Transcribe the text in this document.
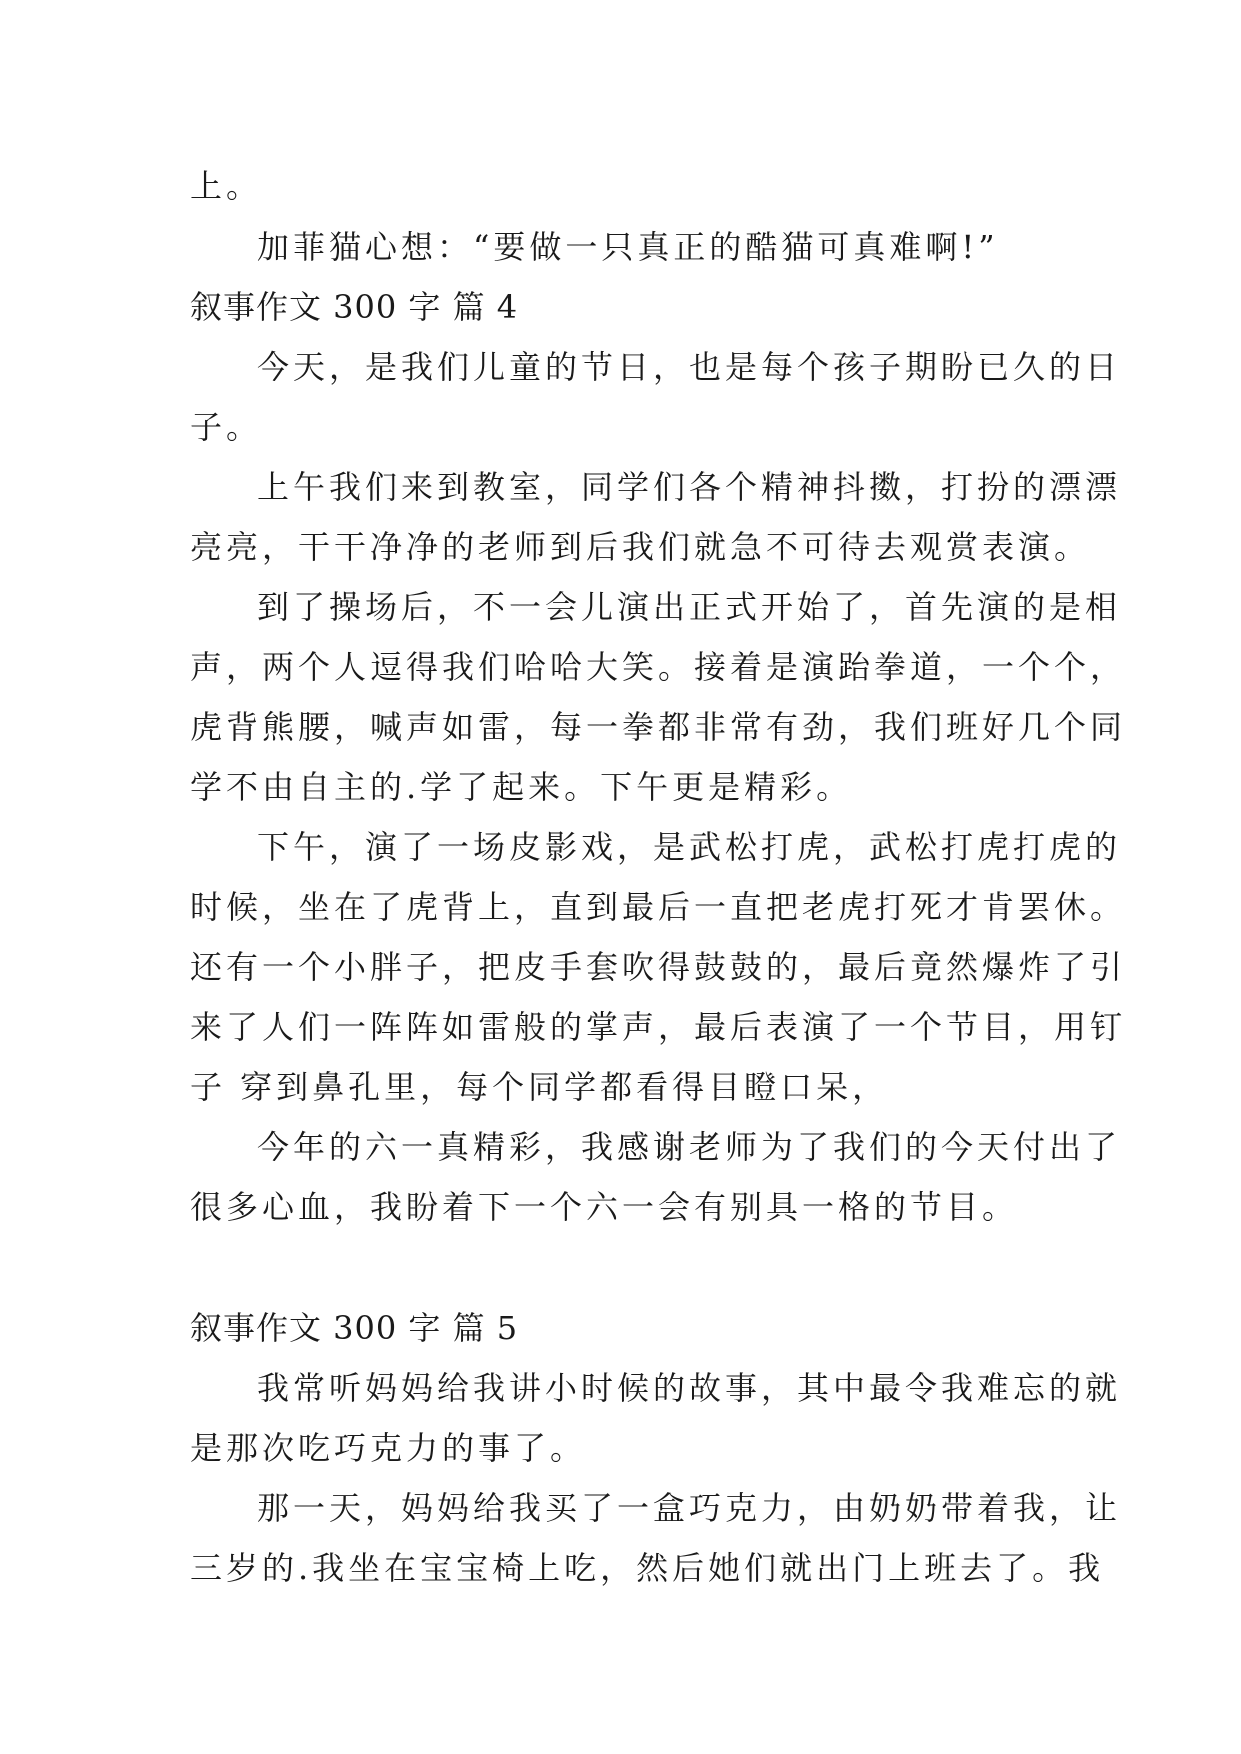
上。
加菲猫心想：“要做一只真正的酷猫可真难啊!”
叙事作文 300 字 篇 4
今天，是我们儿童的节日，也是每个孩子期盼已久的日
子。
上午我们来到教室，同学们各个精神抖擞，打扮的漂漂
亮亮，干干净净的老师到后我们就急不可待去观赏表演。
到了操场后，不一会儿演出正式开始了，首先演的是相
声，两个人逗得我们哈哈大笑。接着是演跆拳道，一个个，
虎背熊腰，喊声如雷，每一拳都非常有劲，我们班好几个同
学不由自主的.学了起来。下午更是精彩。
下午，演了一场皮影戏，是武松打虎，武松打虎打虎的
时候，坐在了虎背上，直到最后一直把老虎打死才肯罢休。
还有一个小胖子，把皮手套吹得鼓鼓的，最后竟然爆炸了引
来了人们一阵阵如雷般的掌声，最后表演了一个节目，用钉
子 穿到鼻孔里，每个同学都看得目瞪口呆，
今年的六一真精彩，我感谢老师为了我们的今天付出了
很多心血，我盼着下一个六一会有别具一格的节目。
叙事作文 300 字 篇 5
我常听妈妈给我讲小时候的故事，其中最令我难忘的就
是那次吃巧克力的事了。
那一天，妈妈给我买了一盒巧克力，由奶奶带着我，让
三岁的.我坐在宝宝椅上吃，然后她们就出门上班去了。我
